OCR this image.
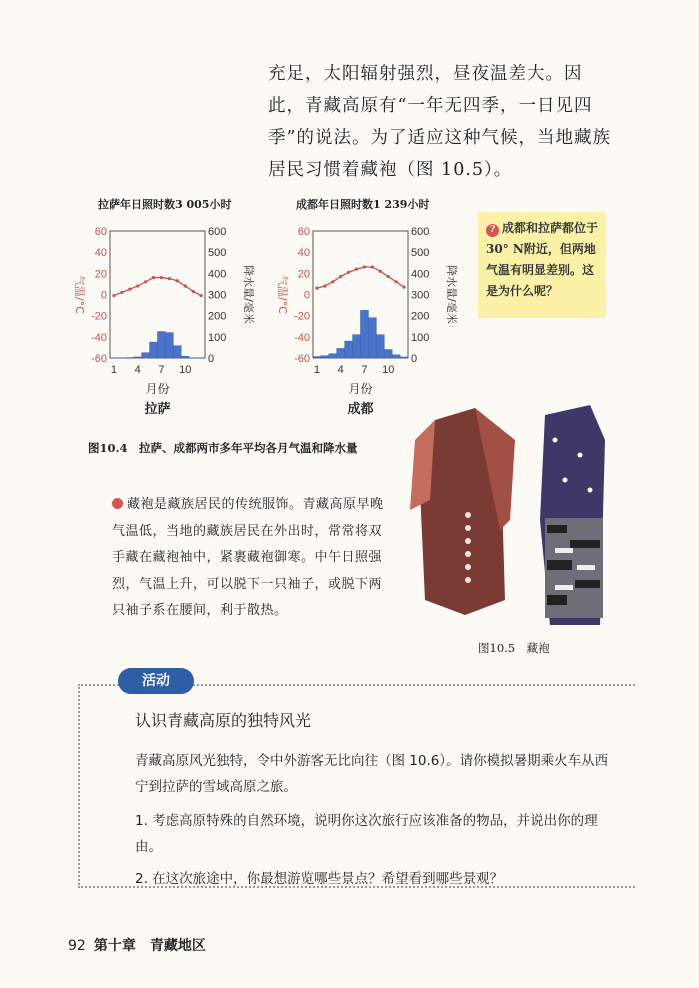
充足，太阳辐射强烈，昼夜温差大。因此，青藏高原有“一年无四季，一日见四季”的说法。为了适应这种气候，当地藏族居民习惯着藏袍（图 10.5）。
拉萨年日照时数3 005小时	成都年日照时数1 239小时
60
40
20
0
-20
-40
-60
600
500
400
300
200
100
0
1 4 7 10
气温/°C	降水量/毫米
月份
拉萨
60
40
20
0
-20
-40
-60
600
500
400
300
200
100
0
1 4 7 10
气温/°C	降水量/毫米
月份
成都
图10.4　拉萨、成都两市多年平均各月气温和降水量
? 成都和拉萨都位于30° N附近，但两地气温有明显差别。这是为什么呢？
藏袍是藏族居民的传统服饰。青藏高原早晚气温低，当地的藏族居民在外出时，常常将双手藏在藏袍袖中，紧裹藏袍御寒。中午日照强烈，气温上升，可以脱下一只袖子，或脱下两只袖子系在腰间，利于散热。
图10.5　藏袍
活动
认识青藏高原的独特风光
青藏高原风光独特，令中外游客无比向往（图 10.6）。请你模拟暑期乘火车从西宁到拉萨的雪域高原之旅。
1. 考虑高原特殊的自然环境，说明你这次旅行应该准备的物品，并说出你的理由。
2. 在这次旅途中，你最想游览哪些景点？希望看到哪些景观？
92 第十章　青藏地区
